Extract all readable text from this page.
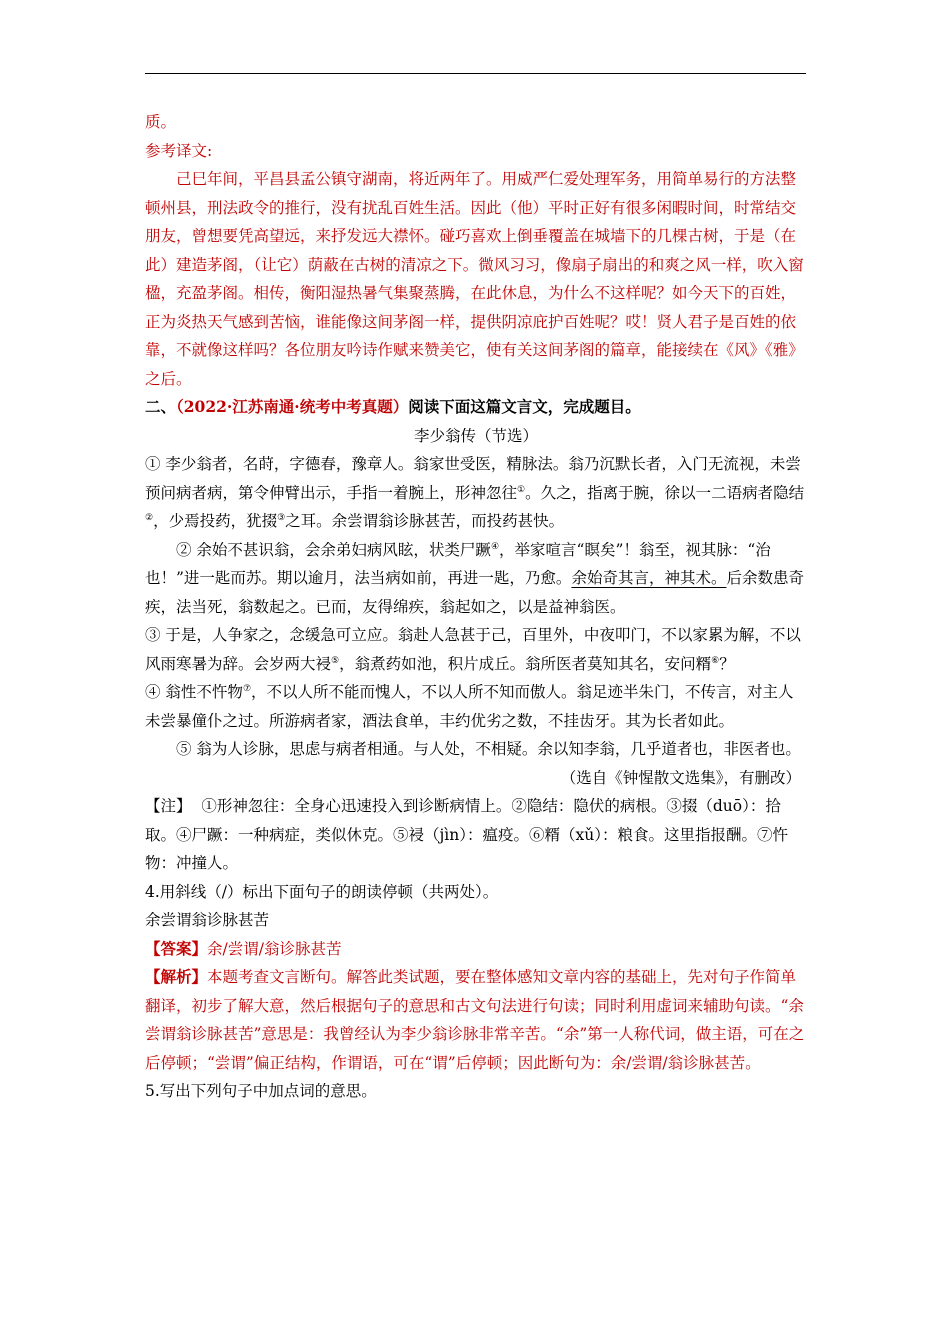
质。

参考译文:

己巳年间，平昌县孟公镇守湖南，将近两年了。用威严仁爱处理军务，用简单易行的方法整顿州县，刑法政令的推行，没有扰乱百姓生活。因此（他）平时正好有很多闲暇时间，时常结交朋友，曾想要凭高望远，来抒发远大襟怀。碰巧喜欢上倒垂覆盖在城墙下的几棵古树，于是（在此）建造茅阁，（让它）荫蔽在古树的清凉之下。微风习习，像扇子扇出的和爽之风一样，吹入窗楹，充盈茅阁。相传，衡阳湿热暑气集聚蒸腾，在此休息，为什么不这样呢？如今天下的百姓，正为炎热天气感到苦恼，谁能像这间茅阁一样，提供阴凉庇护百姓呢？哎！贤人君子是百姓的依靠，不就像这样吗？各位朋友吟诗作赋来赞美它，使有关这间茅阁的篇章，能接续在《风》《雅》之后。

二、（2022·江苏南通·统考中考真题）阅读下面这篇文言文，完成题目。

李少翁传（节选）

① 李少翁者，名莳，字德春，豫章人。翁家世受医，精脉法。翁乃沉默长者，入门无流视，未尝预问病者病，第令伸臂出示，手指一着腕上，形神忽往①。久之，指离于腕，徐以一二语病者隐结②，少焉投药，犹掇③之耳。余尝谓翁诊脉甚苦，而投药甚快。

② 余始不甚识翁，会余弟妇病风眩，状类尸蹶④，举家喧言“瞑矣”！翁至，视其脉：“治也！”进一匙而苏。期以逾月，法当病如前，再进一匙，乃愈。余始奇其言，神其术。后余数患奇疾，法当死，翁数起之。已而，友得绵疾，翁起如之，以是益神翁医。

③ 于是，人争家之，念缓急可立应。翁赴人急甚于己，百里外，中夜叩门，不以家累为解，不以风雨寒暑为辞。会岁两大祲⑤，翁煮药如池，积片成丘。翁所医者莫知其名，安问糈⑥？

④ 翁性不忤物⑦，不以人所不能而愧人，不以人所不知而傲人。翁足迹半朱门，不传言，对主人未尝暴僮仆之过。所游病者家，酒法食单，丰约优劣之数，不挂齿牙。其为长者如此。

⑤ 翁为人诊脉，思虑与病者相通。与人处，不相疑。余以知李翁，几乎道者也，非医者也。

（选自《钟惺散文选集》，有删改）

【注】 ①形神忽往：全身心迅速投入到诊断病情上。②隐结：隐伏的病根。③掇（duō）：拾取。④尸蹶：一种病症，类似休克。⑤祲（jìn）：瘟疫。⑥糈（xǔ）：粮食。这里指报酬。⑦忤物：冲撞人。

4.用斜线（/）标出下面句子的朗读停顿（共两处）。

余尝谓翁诊脉甚苦

【答案】余/尝谓/翁诊脉甚苦

【解析】本题考查文言断句。解答此类试题，要在整体感知文章内容的基础上，先对句子作简单翻译，初步了解大意，然后根据句子的意思和古文句法进行句读；同时利用虚词来辅助句读。“余尝谓翁诊脉甚苦”意思是：我曾经认为李少翁诊脉非常辛苦。“余”第一人称代词，做主语，可在之后停顿；“尝谓”偏正结构，作谓语，可在“谓”后停顿；因此断句为：余/尝谓/翁诊脉甚苦。

5.写出下列句子中加点词的意思。
